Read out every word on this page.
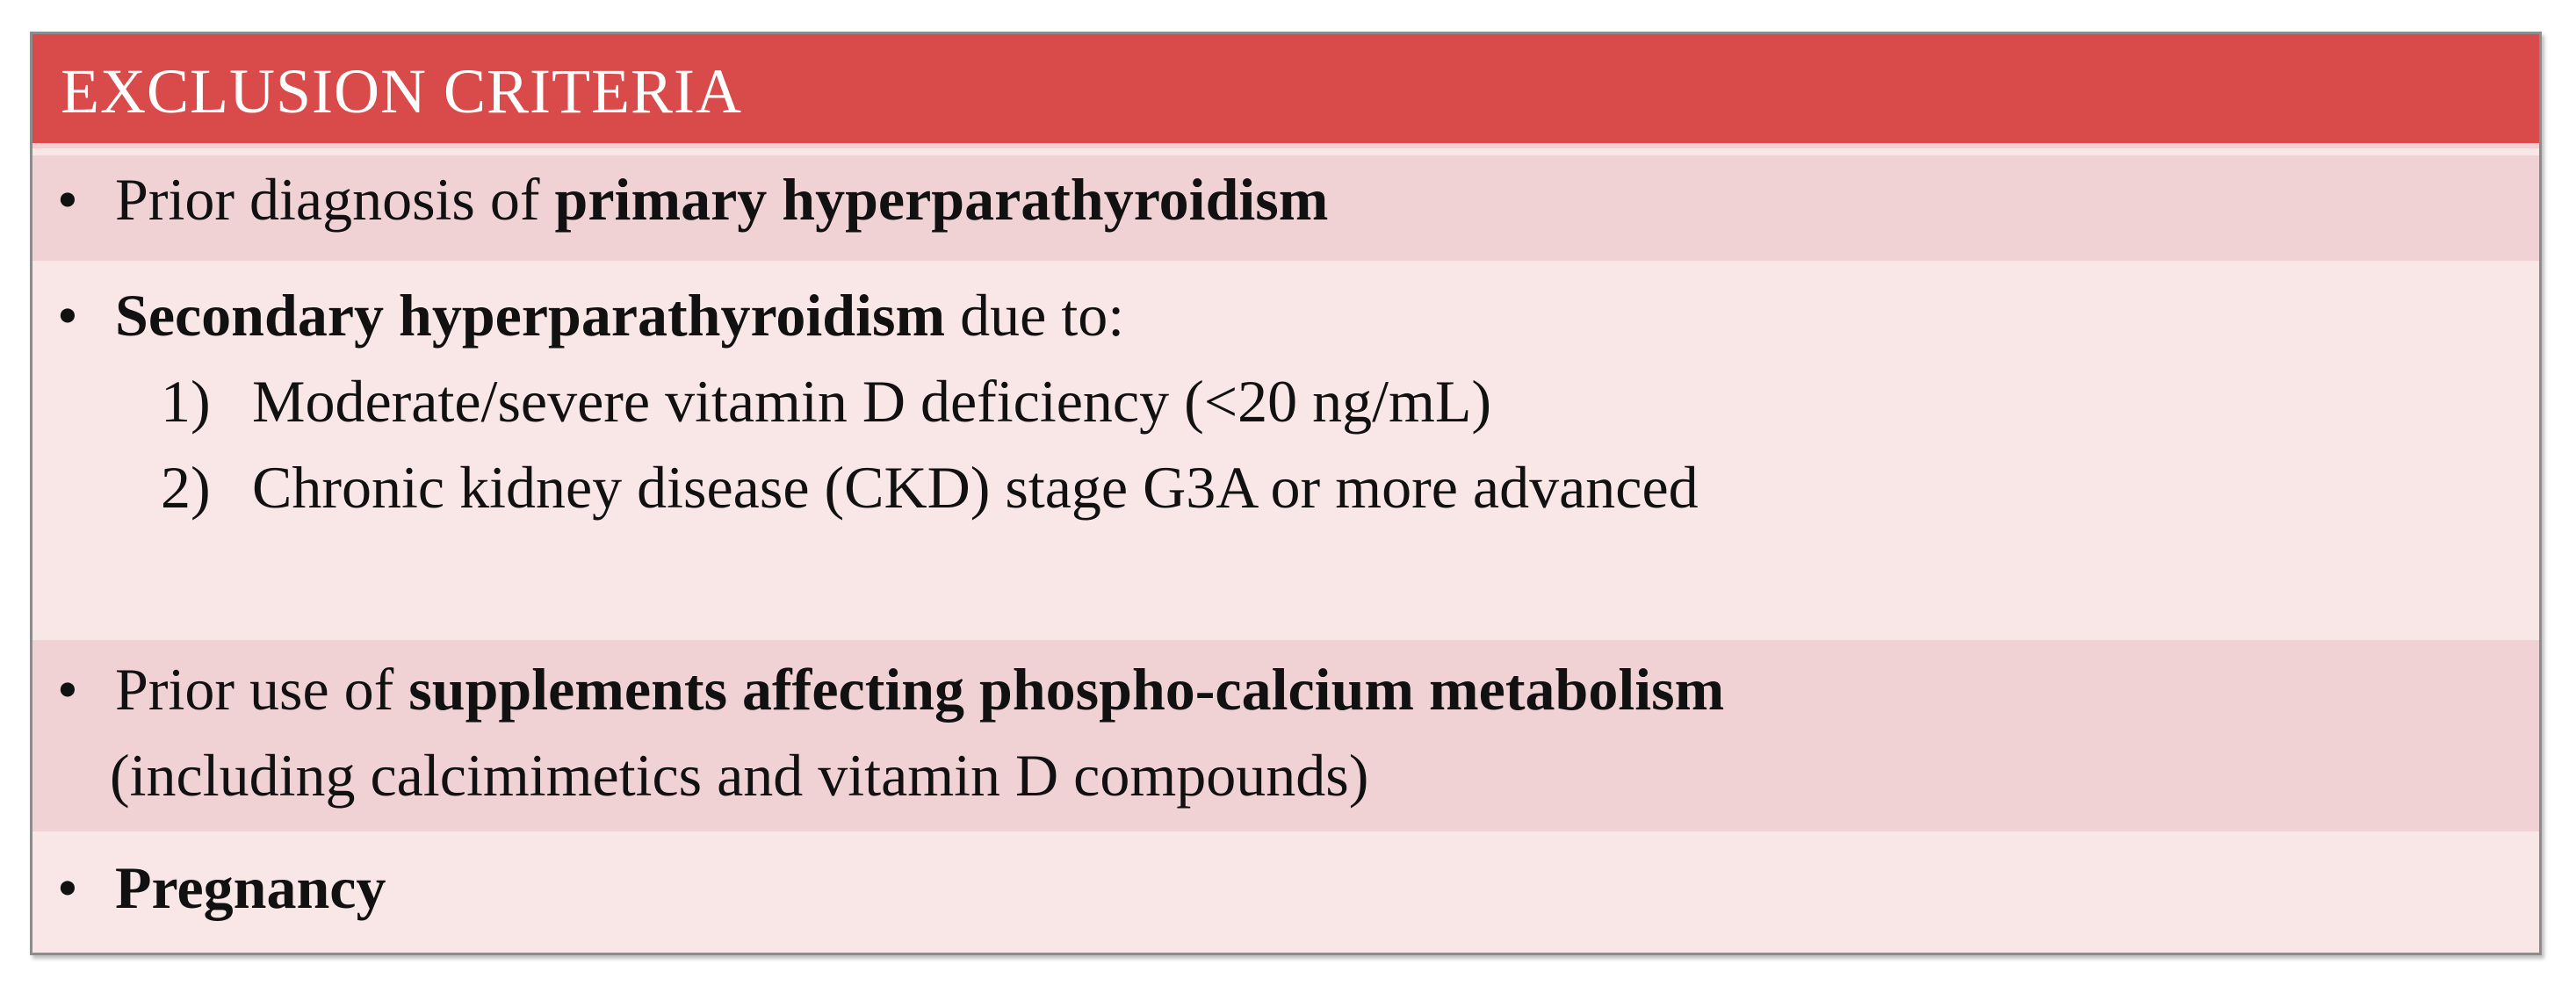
EXCLUSION CRITERIA
• Prior diagnosis of primary hyperparathyroidism
• Secondary hyperparathyroidism due to:
1) Moderate/severe vitamin D deficiency (<20 ng/mL)
2) Chronic kidney disease (CKD) stage G3A or more advanced
• Prior use of supplements affecting phospho-calcium metabolism
(including calcimimetics and vitamin D compounds)
• Pregnancy
